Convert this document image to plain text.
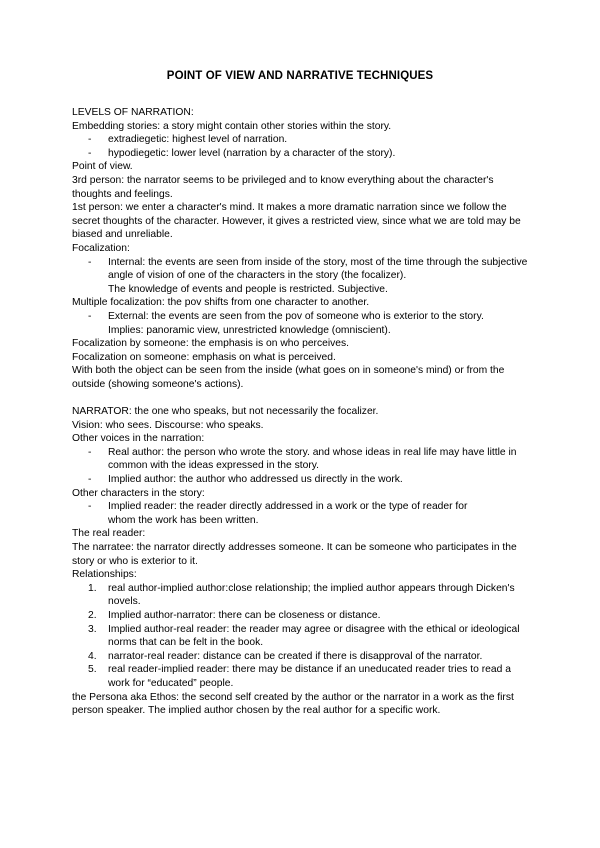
POINT OF VIEW AND NARRATIVE TECHNIQUES

LEVELS OF NARRATION:

Embedding stories: a story might contain other stories within the story.

- extradiegetic: highest level of narration.
- hypodiegetic: lower level (narration by a character of the story).

Point of view.

3rd person: the narrator seems to be privileged and to know everything about the character's thoughts and feelings.

1st person: we enter a character's mind. It makes a more dramatic narration since we follow the secret thoughts of the character. However, it gives a restricted view, since what we are told may be biased and unreliable.

Focalization:

- Internal: the events are seen from inside of the story, most of the time through the subjective angle of vision of one of the characters in the story (the focalizer).

The knowledge of events and people is restricted. Subjective.

Multiple focalization: the pov shifts from one character to another.

- External: the events are seen from the pov of someone who is exterior to the story.

Implies: panoramic view, unrestricted knowledge (omniscient).

Focalization by someone: the emphasis is on who perceives.

Focalization on someone: emphasis on what is perceived.

With both the object can be seen from the inside (what goes on in someone's mind) or from the outside (showing someone's actions).

NARRATOR: the one who speaks, but not necessarily the focalizer.

Vision: who sees. Discourse: who speaks.

Other voices in the narration:

- Real author: the person who wrote the story. and whose ideas in real life may have little in common with the ideas expressed in the story.
- Implied author: the author who addressed us directly in the work.

Other characters in the story:

- Implied reader: the reader directly addressed in a work or the type of reader for

whom the work has been written.

The real reader:

The narratee: the narrator directly addresses someone. It can be someone who participates in the story or who is exterior to it.

Relationships:

1. real author-implied author:close relationship; the implied author appears through Dicken's novels.
2. Implied author-narrator: there can be closeness or distance.
3. Implied author-real reader: the reader may agree or disagree with the ethical or ideological norms that can be felt in the book.
4. narrator-real reader: distance can be created if there is disapproval of the narrator.
5. real reader-implied reader: there may be distance if an uneducated reader tries to read a work for “educated” people.

the Persona aka Ethos: the second self created by the author or the narrator in a work as the first person speaker. The implied author chosen by the real author for a specific work.
